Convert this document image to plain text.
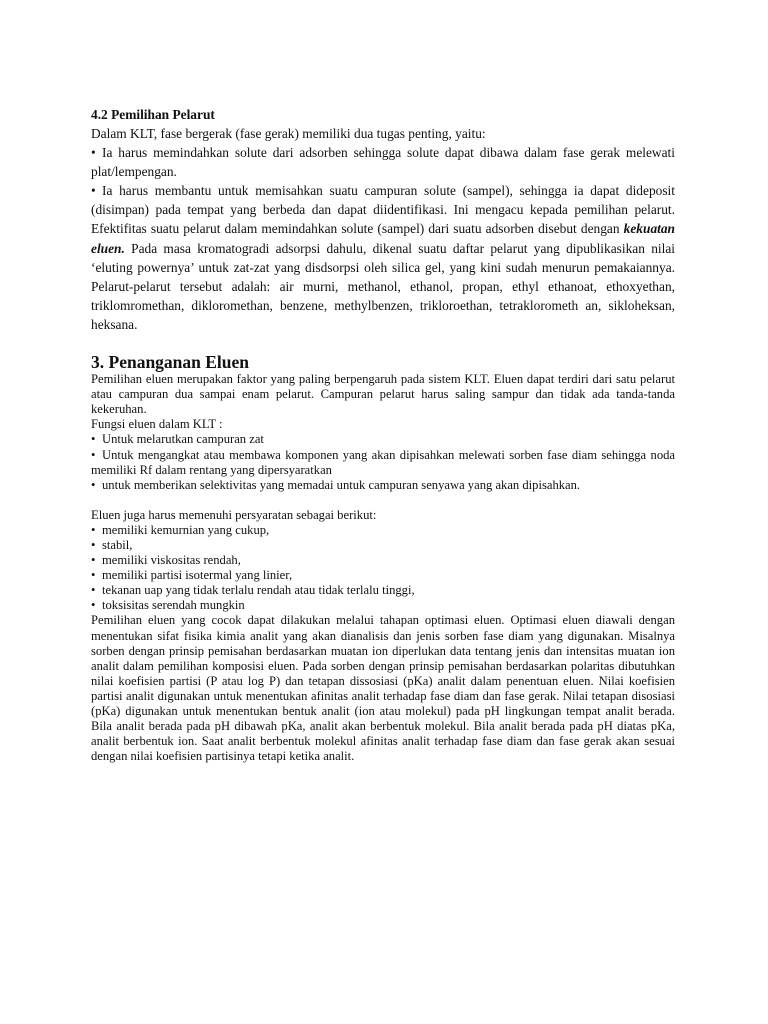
4.2 Pemilihan Pelarut

Dalam KLT, fase bergerak (fase gerak) memiliki dua tugas penting, yaitu:

• Ia harus memindahkan solute dari adsorben sehingga solute dapat dibawa dalam fase gerak melewati plat/lempengan.

• Ia harus membantu untuk memisahkan suatu campuran solute (sampel), sehingga ia dapat dideposit (disimpan) pada tempat yang berbeda dan dapat diidentifikasi. Ini mengacu kepada pemilihan pelarut. Efektifitas suatu pelarut dalam memindahkan solute (sampel) dari suatu adsorben disebut dengan kekuatan eluen. Pada masa kromatogradi adsorpsi dahulu, dikenal suatu daftar pelarut yang dipublikasikan nilai ‘eluting powernya’ untuk zat-zat yang disdsorpsi oleh silica gel, yang kini sudah menurun pemakaiannya. Pelarut-pelarut tersebut adalah: air murni, methanol, ethanol, propan, ethyl ethanoat, ethoxyethan, triklomromethan, dikloromethan, benzene, methylbenzen, trikloroethan, tetraklorometh an, sikloheksan, heksana.

3. Penanganan Eluen

Pemilihan eluen merupakan faktor yang paling berpengaruh pada sistem KLT. Eluen dapat terdiri dari satu pelarut atau campuran dua sampai enam pelarut. Campuran pelarut harus saling sampur dan tidak ada tanda-tanda kekeruhan.

Fungsi eluen dalam KLT :

• Untuk melarutkan campuran zat
• Untuk mengangkat atau membawa komponen yang akan dipisahkan melewati sorben fase diam sehingga noda memiliki Rf dalam rentang yang dipersyaratkan
• untuk memberikan selektivitas yang memadai untuk campuran senyawa yang akan dipisahkan.

Eluen juga harus memenuhi persyaratan sebagai berikut:

• memiliki kemurnian yang cukup,
• stabil,
• memiliki viskositas rendah,
• memiliki partisi isotermal yang linier,
• tekanan uap yang tidak terlalu rendah atau tidak terlalu tinggi,
• toksisitas serendah mungkin

Pemilihan eluen yang cocok dapat dilakukan melalui tahapan optimasi eluen. Optimasi eluen diawali dengan menentukan sifat fisika kimia analit yang akan dianalisis dan jenis sorben fase diam yang digunakan. Misalnya sorben dengan prinsip pemisahan berdasarkan muatan ion diperlukan data tentang jenis dan intensitas muatan ion analit dalam pemilihan komposisi eluen. Pada sorben dengan prinsip pemisahan berdasarkan polaritas dibutuhkan nilai koefisien partisi (P atau log P) dan tetapan dissosiasi (pKa) analit dalam penentuan eluen. Nilai koefisien partisi analit digunakan untuk menentukan afinitas analit terhadap fase diam dan fase gerak. Nilai tetapan disosiasi (pKa) digunakan untuk menentukan bentuk analit (ion atau molekul) pada pH lingkungan tempat analit berada. Bila analit berada pada pH dibawah pKa, analit akan berbentuk molekul. Bila analit berada pada pH diatas pKa, analit berbentuk ion. Saat analit berbentuk molekul afinitas analit terhadap fase diam dan fase gerak akan sesuai dengan nilai koefisien partisinya tetapi ketika analit.
